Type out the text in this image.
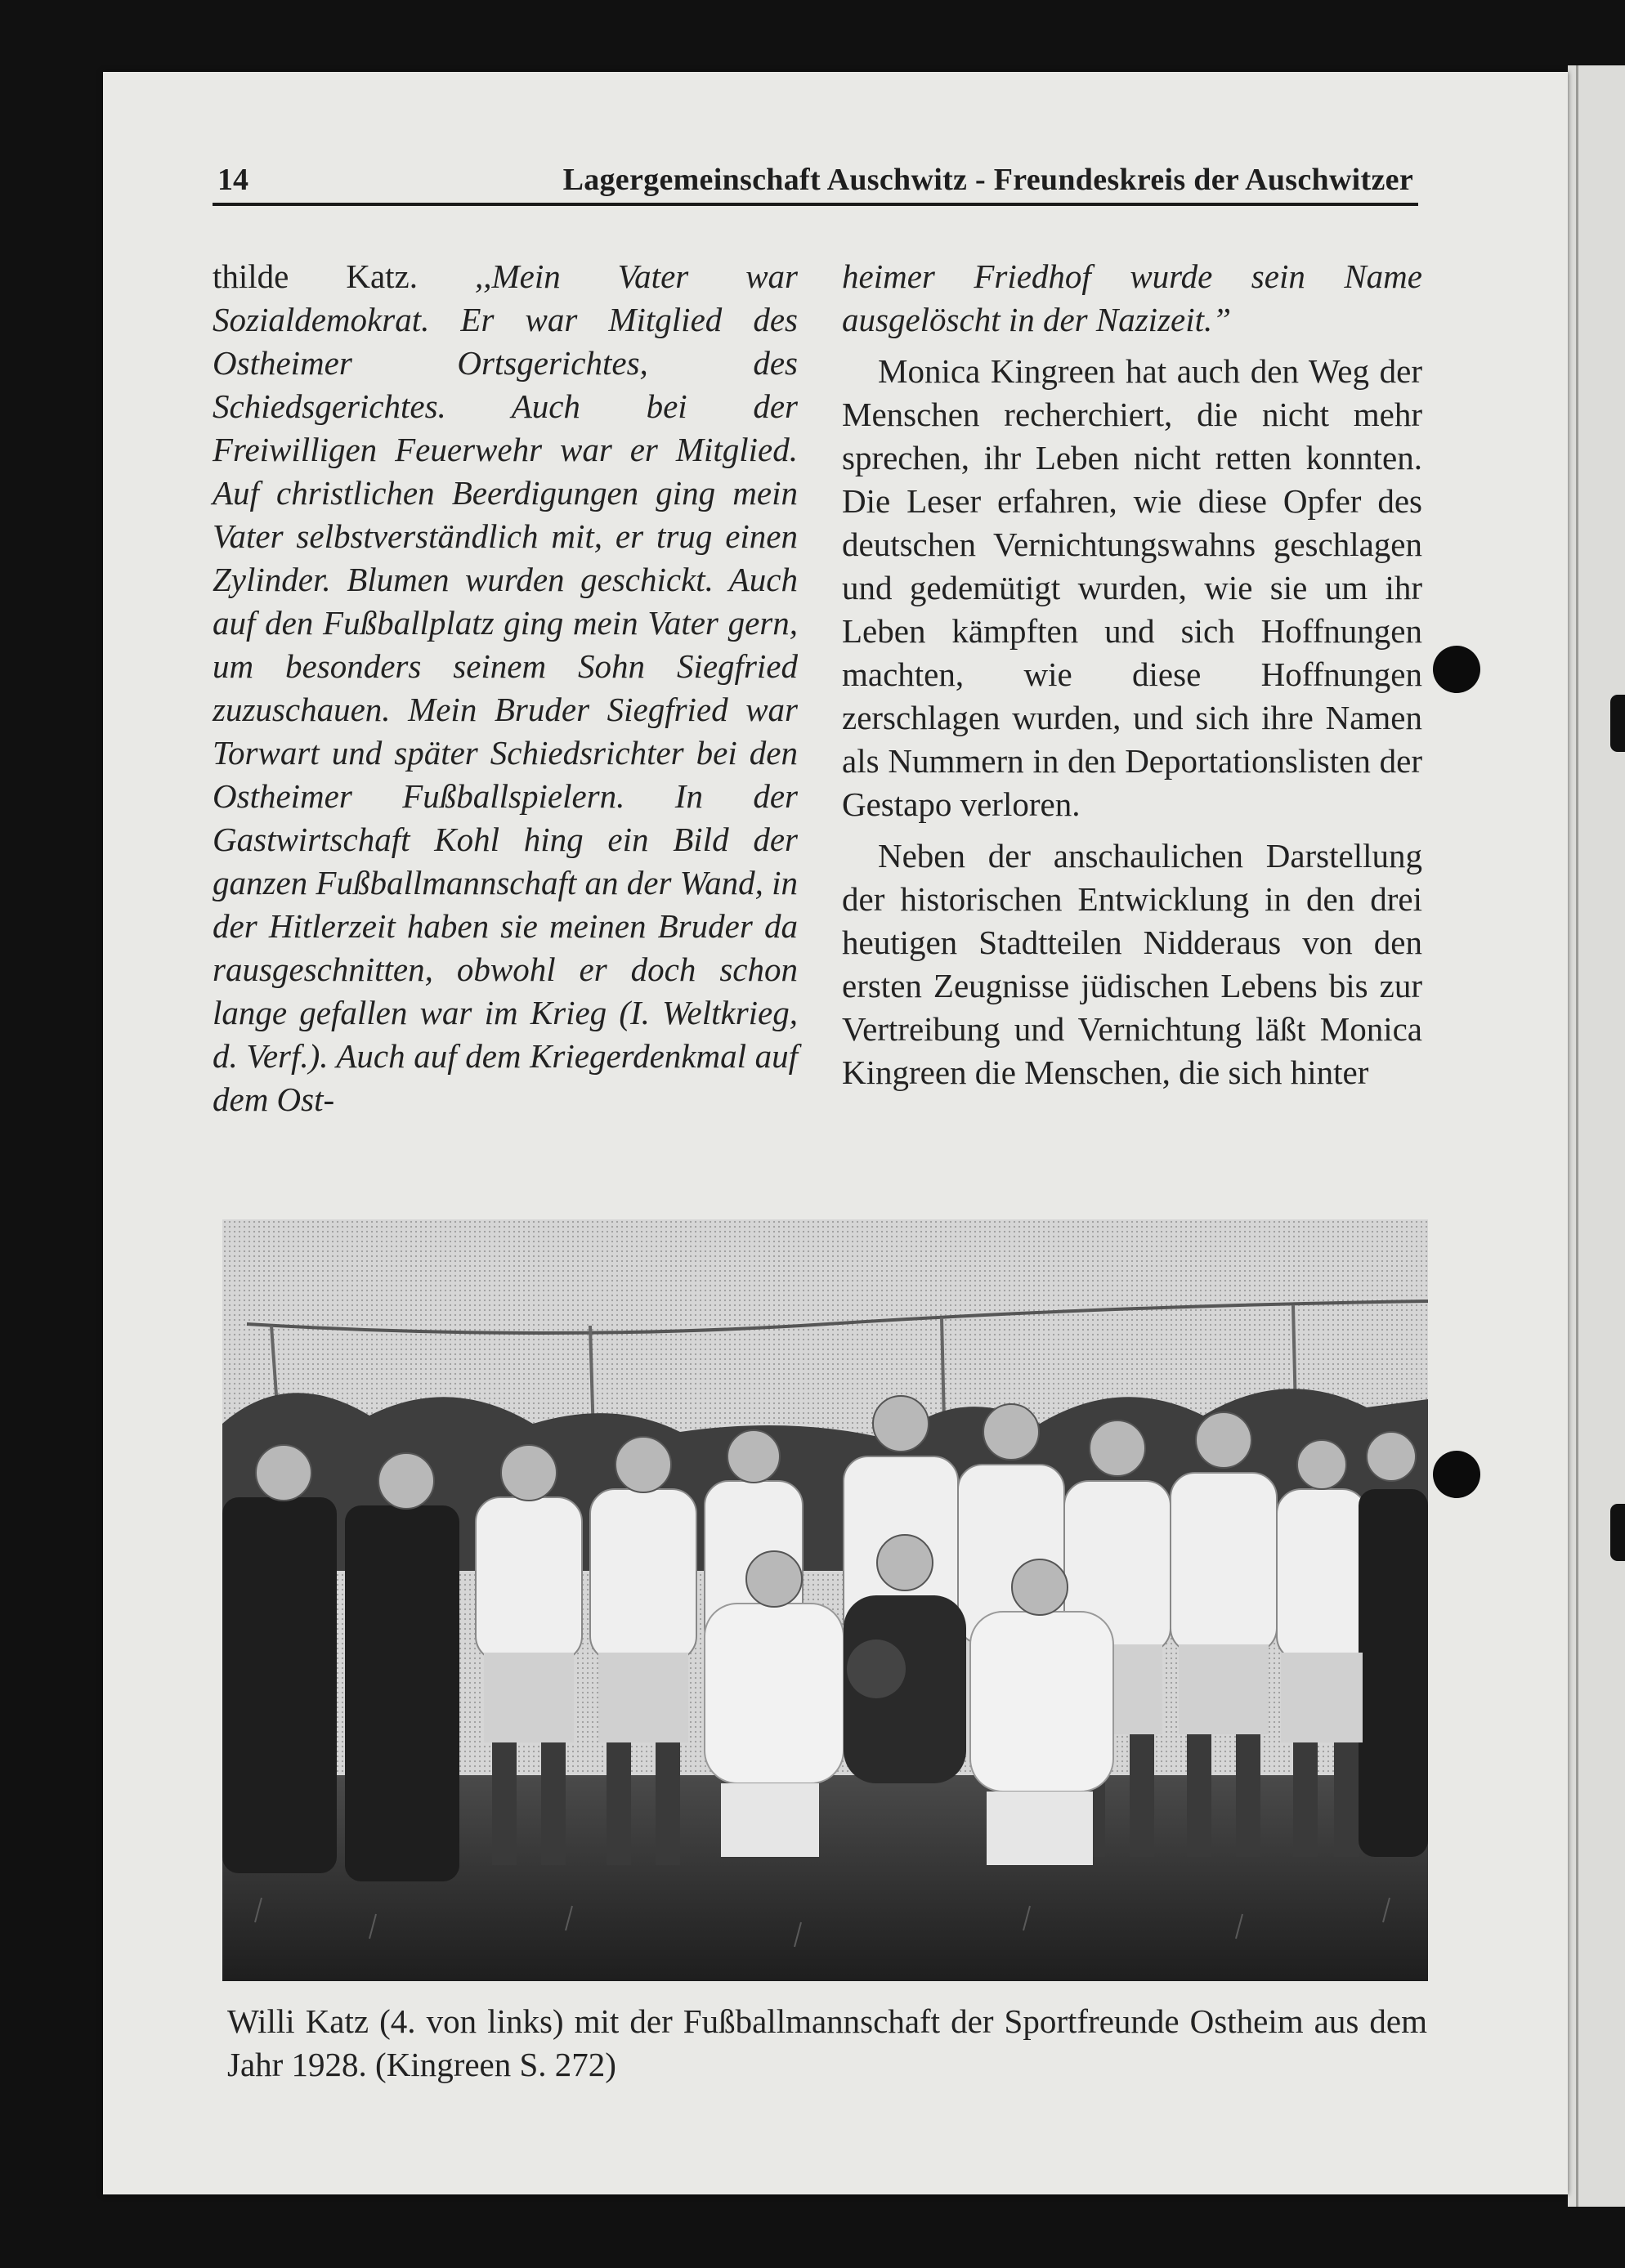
14	Lagergemeinschaft Auschwitz - Freundeskreis der Auschwitzer

thilde Katz. ,,Mein Vater war Sozialdemokrat. Er war Mitglied des Ostheimer Ortsgerichtes, des Schiedsgerichtes. Auch bei der Freiwilligen Feuerwehr war er Mitglied. Auf christlichen Beerdigungen ging mein Vater selbstverständlich mit, er trug einen Zylinder. Blumen wurden geschickt. Auch auf den Fußballplatz ging mein Vater gern, um besonders seinem Sohn Siegfried zuzuschauen. Mein Bruder Siegfried war Torwart und später Schiedsrichter bei den Ostheimer Fußballspielern. In der Gastwirtschaft Kohl hing ein Bild der ganzen Fußballmannschaft an der Wand, in der Hitlerzeit haben sie meinen Bruder da rausgeschnitten, obwohl er doch schon lange gefallen war im Krieg (I. Weltkrieg, d. Verf.). Auch auf dem Kriegerdenkmal auf dem Ost-

heimer Friedhof wurde sein Name ausgelöscht in der Nazizeit.”

Monica Kingreen hat auch den Weg der Menschen recherchiert, die nicht mehr sprechen, ihr Leben nicht retten konnten. Die Leser erfahren, wie diese Opfer des deutschen Vernichtungswahns geschlagen und gedemütigt wurden, wie sie um ihr Leben kämpften und sich Hoffnungen machten, wie diese Hoffnungen zerschlagen wurden, und sich ihre Namen als Nummern in den Deportationslisten der Gestapo verloren.

Neben der anschaulichen Darstellung der historischen Entwicklung in den drei heutigen Stadtteilen Nidderaus von den ersten Zeugnisse jüdischen Lebens bis zur Vertreibung und Vernichtung läßt Monica Kingreen die Menschen, die sich hinter

Willi Katz (4. von links) mit der Fußballmannschaft der Sportfreunde Ostheim aus dem Jahr 1928. (Kingreen S. 272)
